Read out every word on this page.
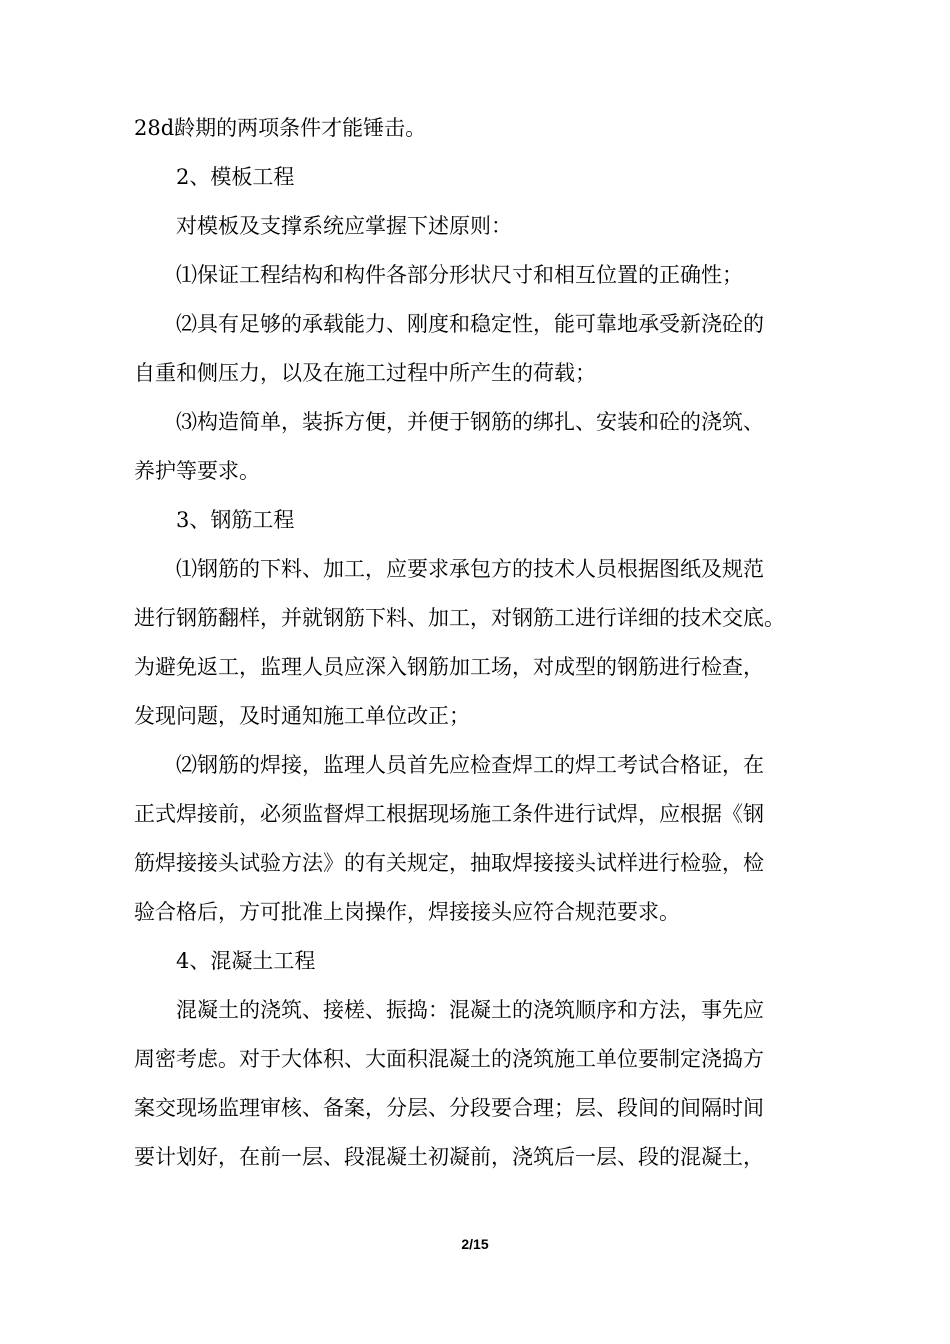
28d龄期的两项条件才能锤击。
2、模板工程
对模板及支撑系统应掌握下述原则：
⑴保证工程结构和构件各部分形状尺寸和相互位置的正确性；
⑵具有足够的承载能力、刚度和稳定性，能可靠地承受新浇砼的
自重和侧压力，以及在施工过程中所产生的荷载；
⑶构造简单，装拆方便，并便于钢筋的绑扎、安装和砼的浇筑、
养护等要求。
3、钢筋工程
⑴钢筋的下料、加工，应要求承包方的技术人员根据图纸及规范
进行钢筋翻样，并就钢筋下料、加工，对钢筋工进行详细的技术交底。
为避免返工，监理人员应深入钢筋加工场，对成型的钢筋进行检查，
发现问题，及时通知施工单位改正；
⑵钢筋的焊接，监理人员首先应检查焊工的焊工考试合格证，在
正式焊接前，必须监督焊工根据现场施工条件进行试焊，应根据《钢
筋焊接接头试验方法》的有关规定，抽取焊接接头试样进行检验，检
验合格后，方可批准上岗操作，焊接接头应符合规范要求。
4、混凝土工程
混凝土的浇筑、接槎、振捣：混凝土的浇筑顺序和方法，事先应
周密考虑。对于大体积、大面积混凝土的浇筑施工单位要制定浇捣方
案交现场监理审核、备案，分层、分段要合理；层、段间的间隔时间
要计划好，在前一层、段混凝土初凝前，浇筑后一层、段的混凝土，
2/15
